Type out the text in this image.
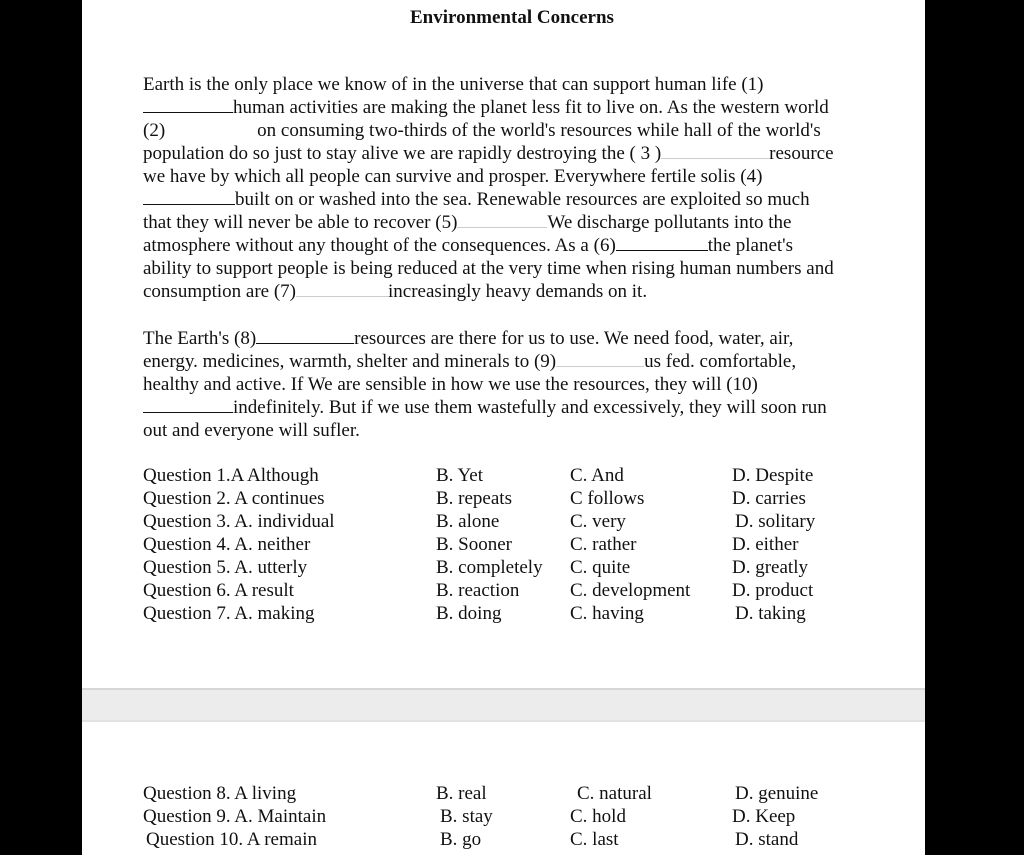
Environmental Concerns
Earth is the only place we know of in the universe that can support human life (1)
human activities are making the planet less fit to live on. As the western world
(2)	on consuming two-thirds of the world's resources while hall of the world's
population do so just to stay alive we are rapidly destroying the ( 3 )	resource
we have by which all people can survive and prosper. Everywhere fertile solis (4)
built on or washed into the sea. Renewable resources are exploited so much
that they will never be able to recover (5)	We discharge pollutants into the
atmosphere without any thought of the consequences. As a (6)	the planet's
ability to support people is being reduced at the very time when rising human numbers and
consumption are (7)	increasingly heavy demands on it.
The Earth's (8)	resources are there for us to use. We need food, water, air,
energy. medicines, warmth, shelter and minerals to (9)	us fed. comfortable,
healthy and active. If We are sensible in how we use the resources, they will (10)
indefinitely. But if we use them wastefully and excessively, they will soon run
out and everyone will sufler.
Question 1.A Although	B. Yet	C. And	D. Despite
Question 2. A continues	B. repeats	C follows	D. carries
Question 3. A. individual	B. alone	C. very	D. solitary
Question 4. A. neither	B. Sooner	C. rather	D. either
Question 5. A. utterly	B. completely C. quite	D. greatly
Question 6. A result	B. reaction	C. development D. product
Question 7. A. making	B. doing	C. having	D. taking
Question 8. A living	B. real	C. natural	D. genuine
Question 9. A. Maintain	B. stay	C. hold	D. Keep
Question 10. A remain	B. go	C. last	D. stand
